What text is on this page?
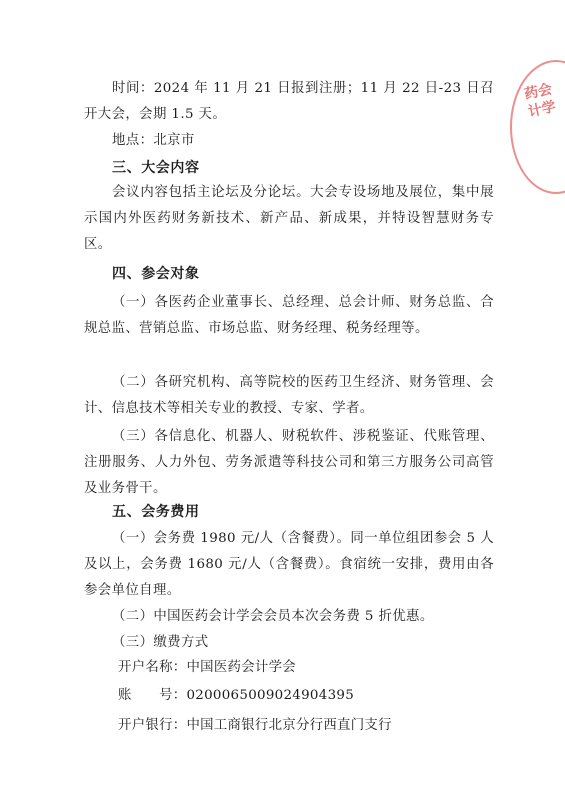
时间：2024 年 11 月 21 日报到注册；11 月 22 日-23 日召开大会，会期 1.5 天。
地点：北京市
三、大会内容
会议内容包括主论坛及分论坛。大会专设场地及展位，集中展示国内外医药财务新技术、新产品、新成果，并特设智慧财务专区。
四、参会对象
（一）各医药企业董事长、总经理、总会计师、财务总监、合规总监、营销总监、市场总监、财务经理、税务经理等。
（二）各研究机构、高等院校的医药卫生经济、财务管理、会计、信息技术等相关专业的教授、专家、学者。
（三）各信息化、机器人、财税软件、涉税鉴证、代账管理、注册服务、人力外包、劳务派遣等科技公司和第三方服务公司高管及业务骨干。
五、会务费用
（一）会务费 1980 元/人（含餐费）。同一单位组团参会 5 人及以上，会务费 1680 元/人（含餐费）。食宿统一安排，费用由各参会单位自理。
（二）中国医药会计学会会员本次会务费 5 折优惠。
（三）缴费方式
开户名称：中国医药会计学会
账　　号：0200065009024904395
开户银行：中国工商银行北京分行西直门支行
药会计学
